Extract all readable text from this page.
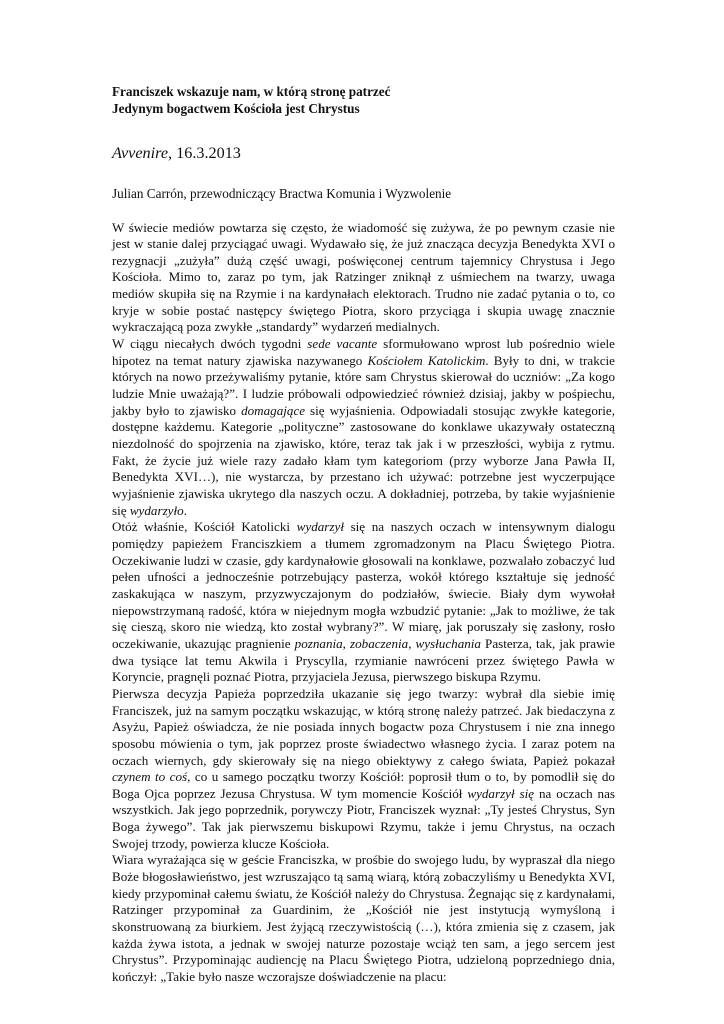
Franciszek wskazuje nam, w którą stronę patrzeć

Jedynym bogactwem Kościoła jest Chrystus

Avvenire, 16.3.2013

Julian Carrón, przewodniczący Bractwa Komunia i Wyzwolenie

W świecie mediów powtarza się często, że wiadomość się zużywa, że po pewnym czasie nie jest w stanie dalej przyciągać uwagi. Wydawało się, że już znacząca decyzja Benedykta XVI o rezygnacji „zużyła” dużą część uwagi, poświęconej centrum tajemnicy Chrystusa i Jego Kościoła. Mimo to, zaraz po tym, jak Ratzinger zniknął z uśmiechem na twarzy, uwaga mediów skupiła się na Rzymie i na kardynałach elektorach. Trudno nie zadać pytania o to, co kryje w sobie postać następcy świętego Piotra, skoro przyciąga i skupia uwagę znacznie wykraczającą poza zwykłe „standardy” wydarzeń medialnych.

W ciągu niecałych dwóch tygodni sede vacante sformułowano wprost lub pośrednio wiele hipotez na temat natury zjawiska nazywanego Kościołem Katolickim. Były to dni, w trakcie których na nowo przeżywaliśmy pytanie, które sam Chrystus skierował do uczniów: „Za kogo ludzie Mnie uważają?”. I ludzie próbowali odpowiedzieć również dzisiaj, jakby w pośpiechu, jakby było to zjawisko domagające się wyjaśnienia. Odpowiadali stosując zwykłe kategorie, dostępne każdemu. Kategorie „polityczne” zastosowane do konklawe ukazywały ostateczną niezdolność do spojrzenia na zjawisko, które, teraz tak jak i w przeszłości, wybija z rytmu. Fakt, że życie już wiele razy zadało kłam tym kategoriom (przy wyborze Jana Pawła II, Benedykta XVI…), nie wystarcza, by przestano ich używać: potrzebne jest wyczerpujące wyjaśnienie zjawiska ukrytego dla naszych oczu. A dokładniej, potrzeba, by takie wyjaśnienie się wydarzyło.

Otóż właśnie, Kościół Katolicki wydarzył się na naszych oczach w intensywnym dialogu pomiędzy papieżem Franciszkiem a tłumem zgromadzonym na Placu Świętego Piotra. Oczekiwanie ludzi w czasie, gdy kardynałowie głosowali na konklawe, pozwalało zobaczyć lud pełen ufności a jednocześnie potrzebujący pasterza, wokół którego kształtuje się jedność zaskakująca w naszym, przyzwyczajonym do podziałów, świecie. Biały dym wywołał niepowstrzymaną radość, która w niejednym mogła wzbudzić pytanie: „Jak to możliwe, że tak się cieszą, skoro nie wiedzą, kto został wybrany?”. W miarę, jak poruszały się zasłony, rosło oczekiwanie, ukazując pragnienie poznania, zobaczenia, wysłuchania Pasterza, tak, jak prawie dwa tysiące lat temu Akwila i Pryscylla, rzymianie nawróceni przez świętego Pawła w Koryncie, pragnęli poznać Piotra, przyjaciela Jezusa, pierwszego biskupa Rzymu.

Pierwsza decyzja Papieża poprzedziła ukazanie się jego twarzy: wybrał dla siebie imię Franciszek, już na samym początku wskazując, w którą stronę należy patrzeć. Jak biedaczyna z Asyżu, Papież oświadcza, że nie posiada innych bogactw poza Chrystusem i nie zna innego sposobu mówienia o tym, jak poprzez proste świadectwo własnego życia. I zaraz potem na oczach wiernych, gdy skierowały się na niego obiektywy z całego świata, Papież pokazał czynem to coś, co u samego początku tworzy Kościół: poprosił tłum o to, by pomodlił się do Boga Ojca poprzez Jezusa Chrystusa. W tym momencie Kościół wydarzył się na oczach nas wszystkich. Jak jego poprzednik, porywczy Piotr, Franciszek wyznał: „Ty jesteś Chrystus, Syn Boga żywego”. Tak jak pierwszemu biskupowi Rzymu, także i jemu Chrystus, na oczach Swojej trzody, powierza klucze Kościoła.

Wiara wyrażająca się w geście Franciszka, w prośbie do swojego ludu, by wypraszał dla niego Boże błogosławieństwo, jest wzruszająco tą samą wiarą, którą zobaczyliśmy u Benedykta XVI, kiedy przypominał całemu światu, że Kościół należy do Chrystusa. Żegnając się z kardynałami, Ratzinger przypominał za Guardinim, że „Kościół nie jest instytucją wymyśloną i skonstruowaną za biurkiem. Jest żyjącą rzeczywistością (…), która zmienia się z czasem, jak każda żywa istota, a jednak w swojej naturze pozostaje wciąż ten sam, a jego sercem jest Chrystus”. Przypominając audiencję na Placu Świętego Piotra, udzieloną poprzedniego dnia, kończył: „Takie było nasze wczorajsze doświadczenie na placu:
